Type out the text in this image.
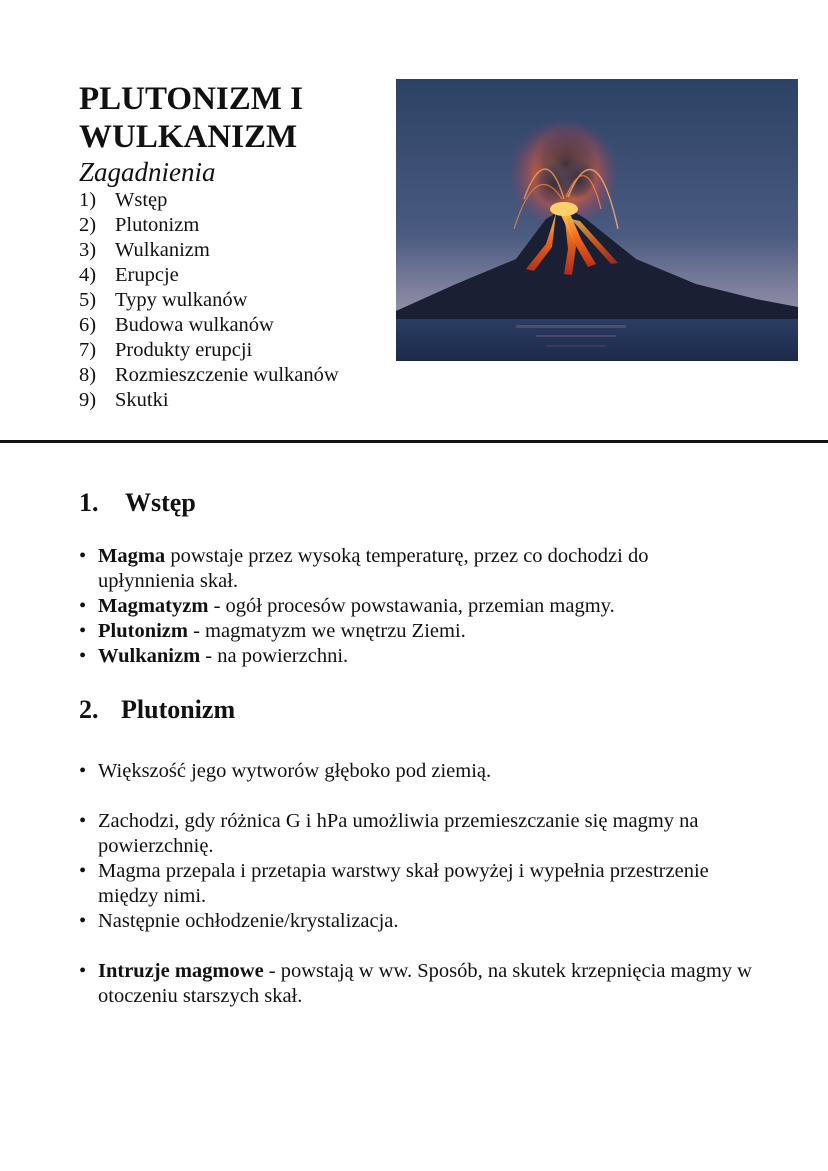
PLUTONIZM I
WULKANIZM
Zagadnienia
1) Wstęp
2) Plutonizm
3) Wulkanizm
4) Erupcje
5) Typy wulkanów
6) Budowa wulkanów
7) Produkty erupcji
8) Rozmieszczenie wulkanów
9) Skutki
1. Wstęp
• Magma powstaje przez wysoką temperaturę, przez co dochodzi do upłynnienia skał.
• Magmatyzm - ogół procesów powstawania, przemian magmy.
• Plutonizm - magmatyzm we wnętrzu Ziemi.
• Wulkanizm - na powierzchni.
2. Plutonizm
• Większość jego wytworów głęboko pod ziemią.
• Zachodzi, gdy różnica G i hPa umożliwia przemieszczanie się magmy na powierzchnię.
• Magma przepala i przetapia warstwy skał powyżej i wypełnia przestrzenie między nimi.
• Następnie ochłodzenie/krystalizacja.
• Intruzje magmowe - powstają w ww. Sposób, na skutek krzepnięcia magmy w otoczeniu starszych skał.
